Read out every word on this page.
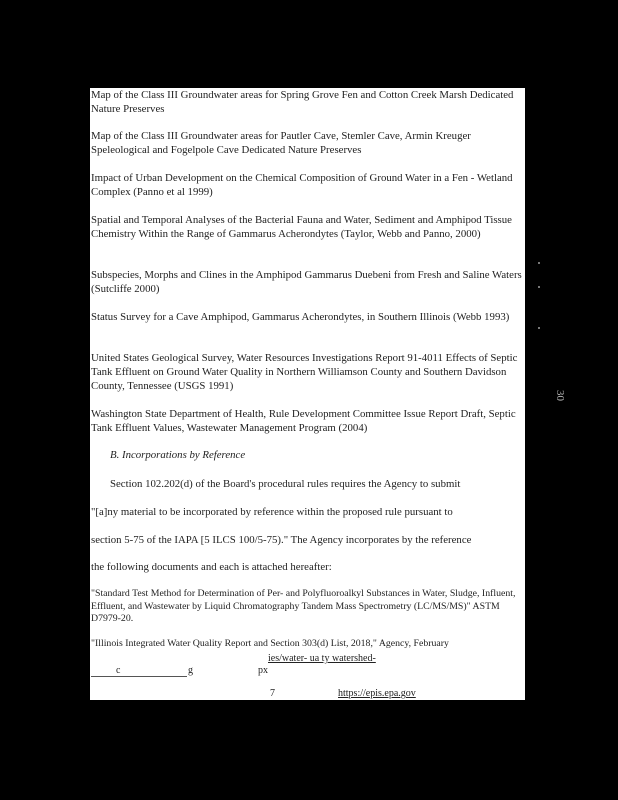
Map of the Class III Groundwater areas for Spring Grove Fen and Cotton Creek Marsh Dedicated Nature Preserves

Map of the Class III Groundwater areas for Pautler Cave, Stemler Cave, Armin Kreuger Speleological and Fogelpole Cave Dedicated Nature Preserves

Impact of Urban Development on the Chemical Composition of Ground Water in a Fen - Wetland Complex (Panno et al 1999)

Spatial and Temporal Analyses of the Bacterial Fauna and Water, Sediment and Amphipod Tissue Chemistry Within the Range of Gammarus Acherondytes (Taylor, Webb and Panno, 2000)

Subspecies, Morphs and Clines in the Amphipod Gammarus Duebeni from Fresh and Saline Waters (Sutcliffe 2000)

Status Survey for a Cave Amphipod, Gammarus Acherondytes, in Southern Illinois (Webb 1993)

United States Geological Survey, Water Resources Investigations Report 91-4011 Effects of Septic Tank Effluent on Ground Water Quality in Northern Williamson County and Southern Davidson County, Tennessee (USGS 1991)

Washington State Department of Health, Rule Development Committee Issue Report Draft, Septic Tank Effluent Values, Wastewater Management Program (2004)

B. Incorporations by Reference

Section 102.202(d) of the Board's procedural rules requires the Agency to submit

"[a]ny material to be incorporated by reference within the proposed rule pursuant to

section 5-75 of the IAPA [5 ILCS 100/5-75)." The Agency incorporates by the reference

the following documents and each is attached hereafter:

"Standard Test Method for Determination of Per- and Polyfluoroalkyl Substances in Water, Sludge, Influent, Effluent, and Wastewater by Liquid Chromatography Tandem Mass Spectrometry (LC/MS/MS)" ASTM D7979-20.

"Illinois Integrated Water Quality Report and Section 303(d) List, 2018," Agency, February

ies/water- ua ty watershed-
c	g	px
7	https://epis.epa.gov
30
